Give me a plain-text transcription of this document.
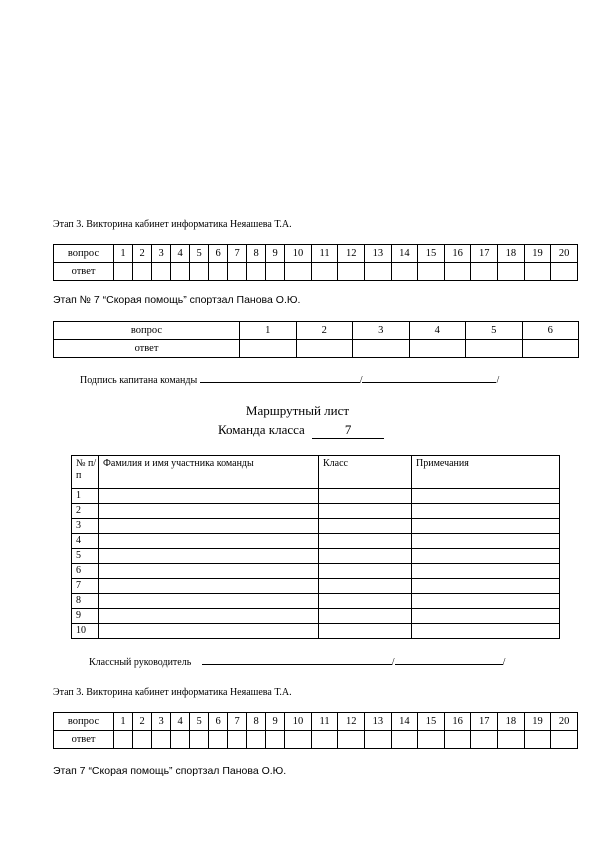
Этап 3. Викторина кабинет информатика Неяашева Т.А.
вопрос	1	2	3	4	5	6	7	8	9	10	11	12	13	14	15	16	17	18	19	20
ответ																				
Этап № 7 “Скорая помощь” спортзал Панова О.Ю.
вопрос	1	2	3	4	5	6
ответ						
Подпись капитана команды	/	/
Маршрутный лист
Команда класса	7
№ п/п	Фамилия и имя участника команды	Класс	Примечания
1			
2			
3			
4			
5			
6			
7			
8			
9			
10			
Классный руководитель	/	/
Этап 3. Викторина кабинет информатика Неяашева Т.А.
вопрос	1	2	3	4	5	6	7	8	9	10	11	12	13	14	15	16	17	18	19	20
ответ																				
Этап 7 “Скорая помощь” спортзал Панова О.Ю.
